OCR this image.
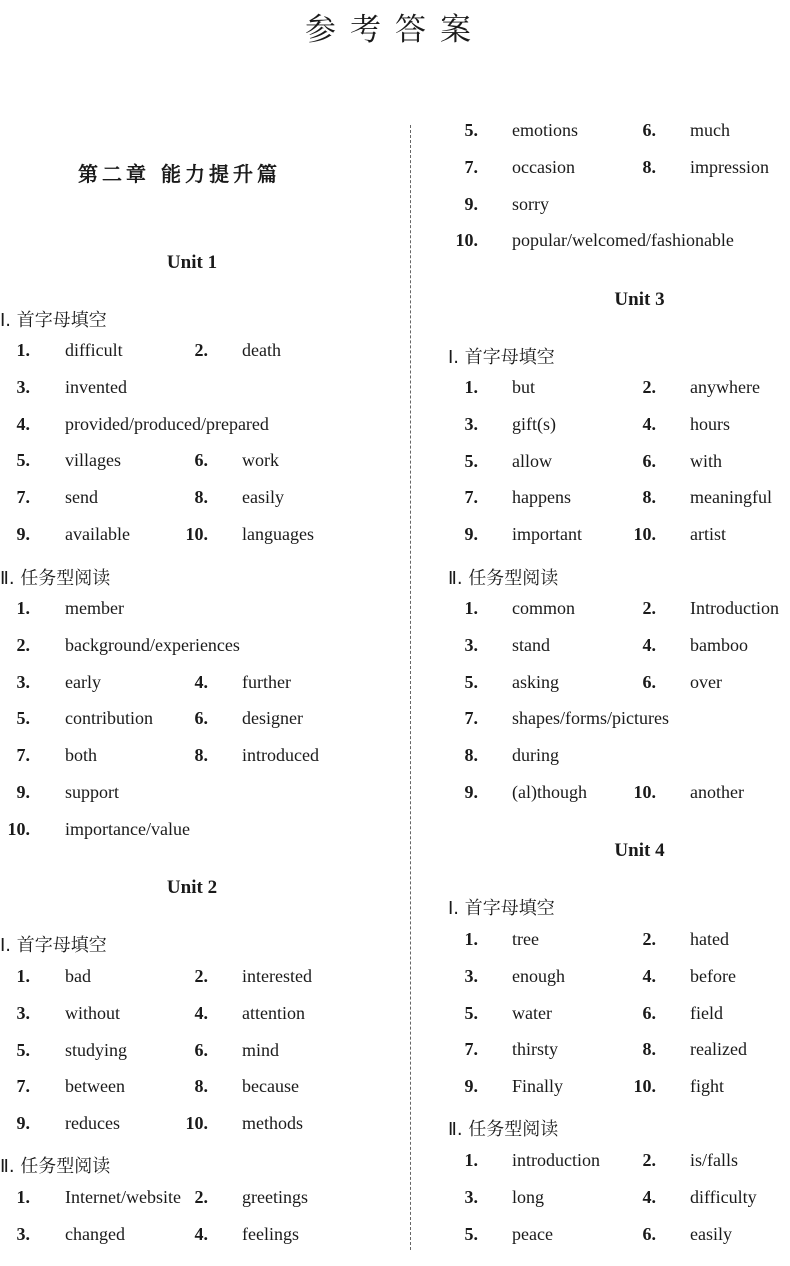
参考答案
第二章 能力提升篇
Unit 1
Ⅰ. 首字母填空
1. difficult	2. death
3. invented
4. provided/produced/prepared
5. villages	6. work
7. send	8. easily
9. available	10. languages
Ⅱ. 任务型阅读
1. member
2. background/experiences
3. early	4. further
5. contribution	6. designer
7. both	8. introduced
9. support
10. importance/value
Unit 2
Ⅰ. 首字母填空
1. bad	2. interested
3. without	4. attention
5. studying	6. mind
7. between	8. because
9. reduces	10. methods
Ⅱ. 任务型阅读
1. Internet/website 2. greetings
3. changed	4. feelings
5. emotions	6. much
7. occasion	8. impression
9. sorry
10. popular/welcomed/fashionable
Unit 3
Ⅰ. 首字母填空
1. but	2. anywhere
3. gift(s)	4. hours
5. allow	6. with
7. happens	8. meaningful
9. important	10. artist
Ⅱ. 任务型阅读
1. common	2. Introduction
3. stand	4. bamboo
5. asking	6. over
7. shapes/forms/pictures
8. during
9. (al)though	10. another
Unit 4
Ⅰ. 首字母填空
1. tree	2. hated
3. enough	4. before
5. water	6. field
7. thirsty	8. realized
9. Finally	10. fight
Ⅱ. 任务型阅读
1. introduction	2. is/falls
3. long	4. difficulty
5. peace	6. easily
